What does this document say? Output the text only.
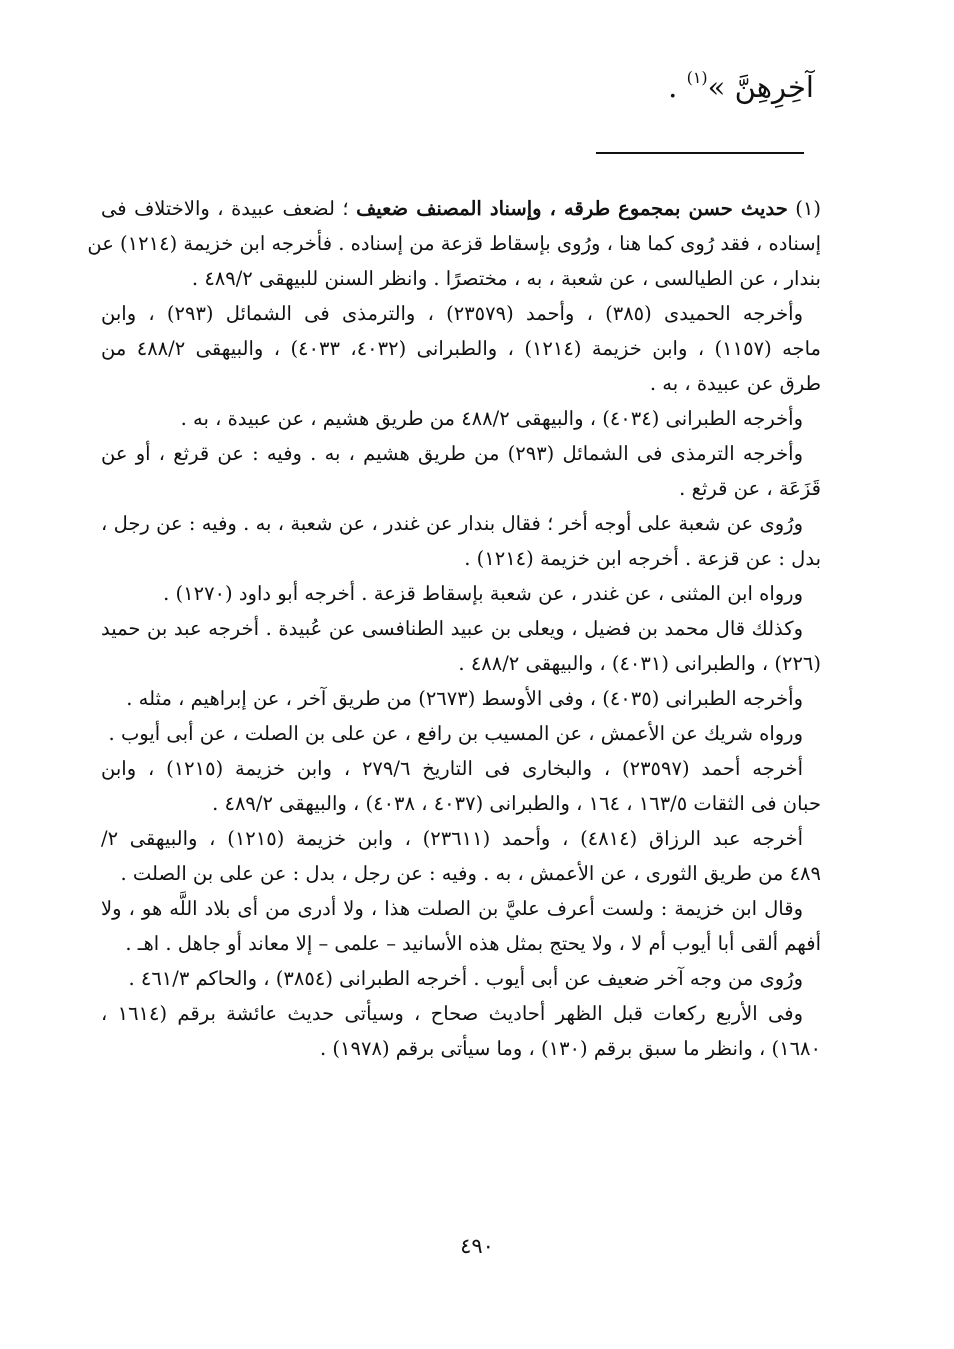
آخِرِهِنَّ »$^{(١)}$ .
(١) حديث حسن بمجموع طرقه ، وإسناد المصنف ضعيف ؛ لضعف عبيدة ، والاختلاف فى
إسناده ، فقد رُوى كما هنا ، ورُوى بإسقاط قزعة من إسناده . فأخرجه ابن خزيمة (١٢١٤) عن
بندار ، عن الطيالسى ، عن شعبة ، به ، مختصرًا . وانظر السنن للبيهقى ٤٨٩/٢ .
وأخرجه الحميدى (٣٨٥) ، وأحمد (٢٣٥٧٩) ، والترمذى فى الشمائل (٢٩٣) ، وابن
ماجه (١١٥٧) ، وابن خزيمة (١٢١٤) ، والطبرانى (٤٠٣٢، ٤٠٣٣) ، والبيهقى ٤٨٨/٢ من
طرق عن عبيدة ، به .
وأخرجه الطبرانى (٤٠٣٤) ، والبيهقى ٤٨٨/٢ من طريق هشيم ، عن عبيدة ، به .
وأخرجه الترمذى فى الشمائل (٢٩٣) من طريق هشيم ، به . وفيه : عن قرثع ، أو عن
قَزَعَة ، عن قرثع .
ورُوى عن شعبة على أوجه أخر ؛ فقال بندار عن غندر ، عن شعبة ، به . وفيه : عن رجل ،
بدل : عن قزعة . أخرجه ابن خزيمة (١٢١٤) .
ورواه ابن المثنى ، عن غندر ، عن شعبة بإسقاط قزعة . أخرجه أبو داود (١٢٧٠) .
وكذلك قال محمد بن فضيل ، ويعلى بن عبيد الطنافسى عن عُبيدة . أخرجه عبد بن حميد
(٢٢٦) ، والطبرانى (٤٠٣١) ، والبيهقى ٤٨٨/٢ .
وأخرجه الطبرانى (٤٠٣٥) ، وفى الأوسط (٢٦٧٣) من طريق آخر ، عن إبراهيم ، مثله .
ورواه شريك عن الأعمش ، عن المسيب بن رافع ، عن على بن الصلت ، عن أبى أيوب .
أخرجه أحمد (٢٣٥٩٧) ، والبخارى فى التاريخ ٢٧٩/٦ ، وابن خزيمة (١٢١٥) ، وابن
حبان فى الثقات ١٦٣/٥ ، ١٦٤ ، والطبرانى (٤٠٣٧ ، ٤٠٣٨) ، والبيهقى ٤٨٩/٢ .
أخرجه عبد الرزاق (٤٨١٤) ، وأحمد (٢٣٦١١) ، وابن خزيمة (١٢١٥) ، والبيهقى ٢/
٤٨٩ من طريق الثورى ، عن الأعمش ، به . وفيه : عن رجل ، بدل : عن على بن الصلت .
وقال ابن خزيمة : ولست أعرف عليَّ بن الصلت هذا ، ولا أدرى من أى بلاد اللَّه هو ، ولا
أفهم ألقى أبا أيوب أم لا ، ولا يحتج بمثل هذه الأسانيد – علمى – إلا معاند أو جاهل . اهـ .
ورُوى من وجه آخر ضعيف عن أبى أيوب . أخرجه الطبرانى (٣٨٥٤) ، والحاكم ٤٦١/٣ .
وفى الأربع ركعات قبل الظهر أحاديث صحاح ، وسيأتى حديث عائشة برقم (١٦١٤ ،
١٦٨٠) ، وانظر ما سبق برقم (١٣٠) ، وما سيأتى برقم (١٩٧٨) .
٤٩٠
